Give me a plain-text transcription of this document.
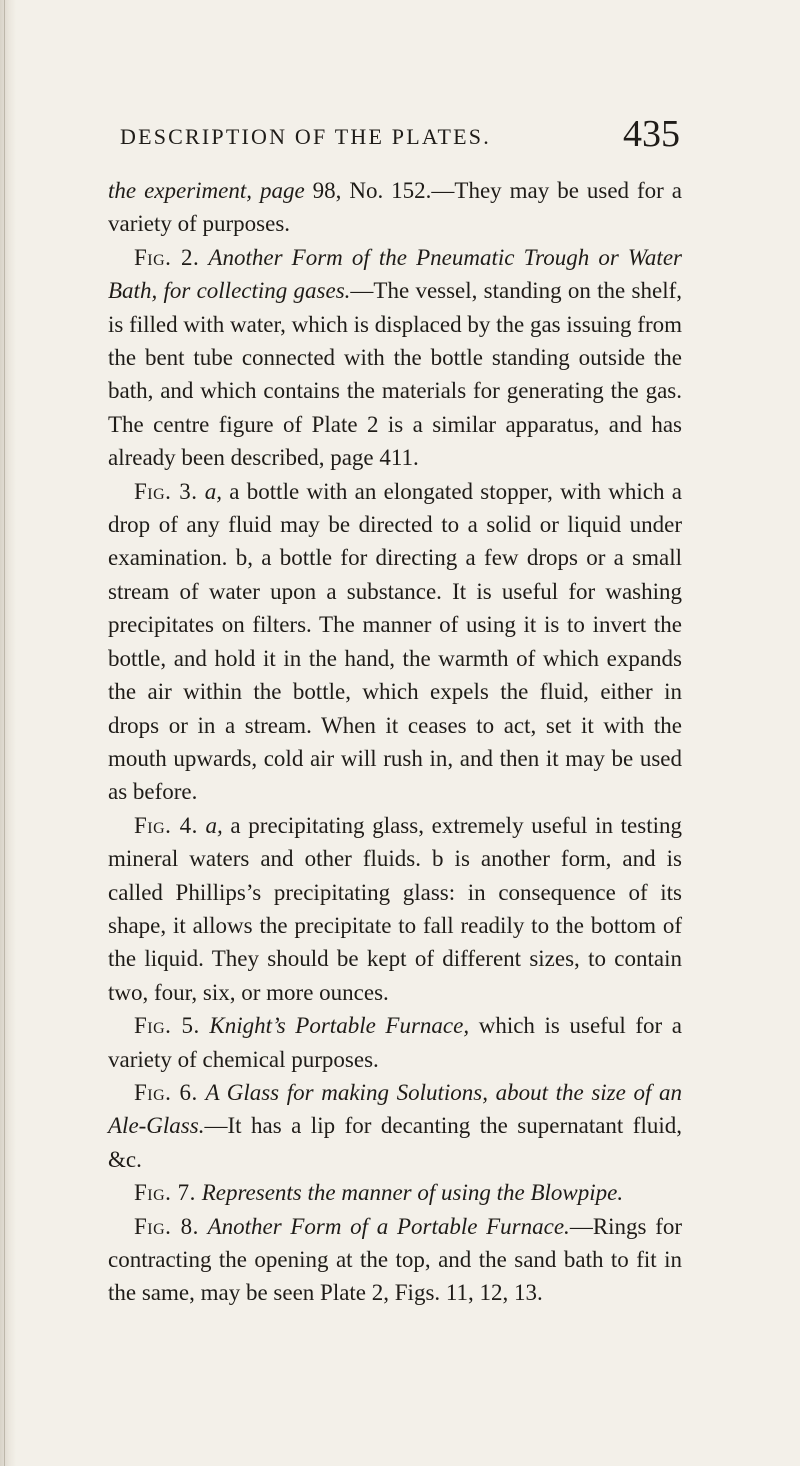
DESCRIPTION OF THE PLATES.	435

the experiment, page 98, No. 152.—They may be used for a variety of purposes.

Fig. 2. Another Form of the Pneumatic Trough or Water Bath, for collecting gases.—The vessel, standing on the shelf, is filled with water, which is displaced by the gas issuing from the bent tube connected with the bottle standing outside the bath, and which contains the materials for generating the gas. The centre figure of Plate 2 is a similar apparatus, and has already been described, page 411.

Fig. 3. a, a bottle with an elongated stopper, with which a drop of any fluid may be directed to a solid or liquid under examination. b, a bottle for directing a few drops or a small stream of water upon a substance. It is useful for washing precipitates on filters. The manner of using it is to invert the bottle, and hold it in the hand, the warmth of which expands the air within the bottle, which expels the fluid, either in drops or in a stream. When it ceases to act, set it with the mouth upwards, cold air will rush in, and then it may be used as before.

Fig. 4. a, a precipitating glass, extremely useful in testing mineral waters and other fluids. b is another form, and is called Phillips’s precipitating glass: in consequence of its shape, it allows the precipitate to fall readily to the bottom of the liquid. They should be kept of different sizes, to contain two, four, six, or more ounces.

Fig. 5. Knight’s Portable Furnace, which is useful for a variety of chemical purposes.

Fig. 6. A Glass for making Solutions, about the size of an Ale-Glass.—It has a lip for decanting the supernatant fluid, &c.

Fig. 7. Represents the manner of using the Blowpipe.

Fig. 8. Another Form of a Portable Furnace.—Rings for contracting the opening at the top, and the sand bath to fit in the same, may be seen Plate 2, Figs. 11, 12, 13.
